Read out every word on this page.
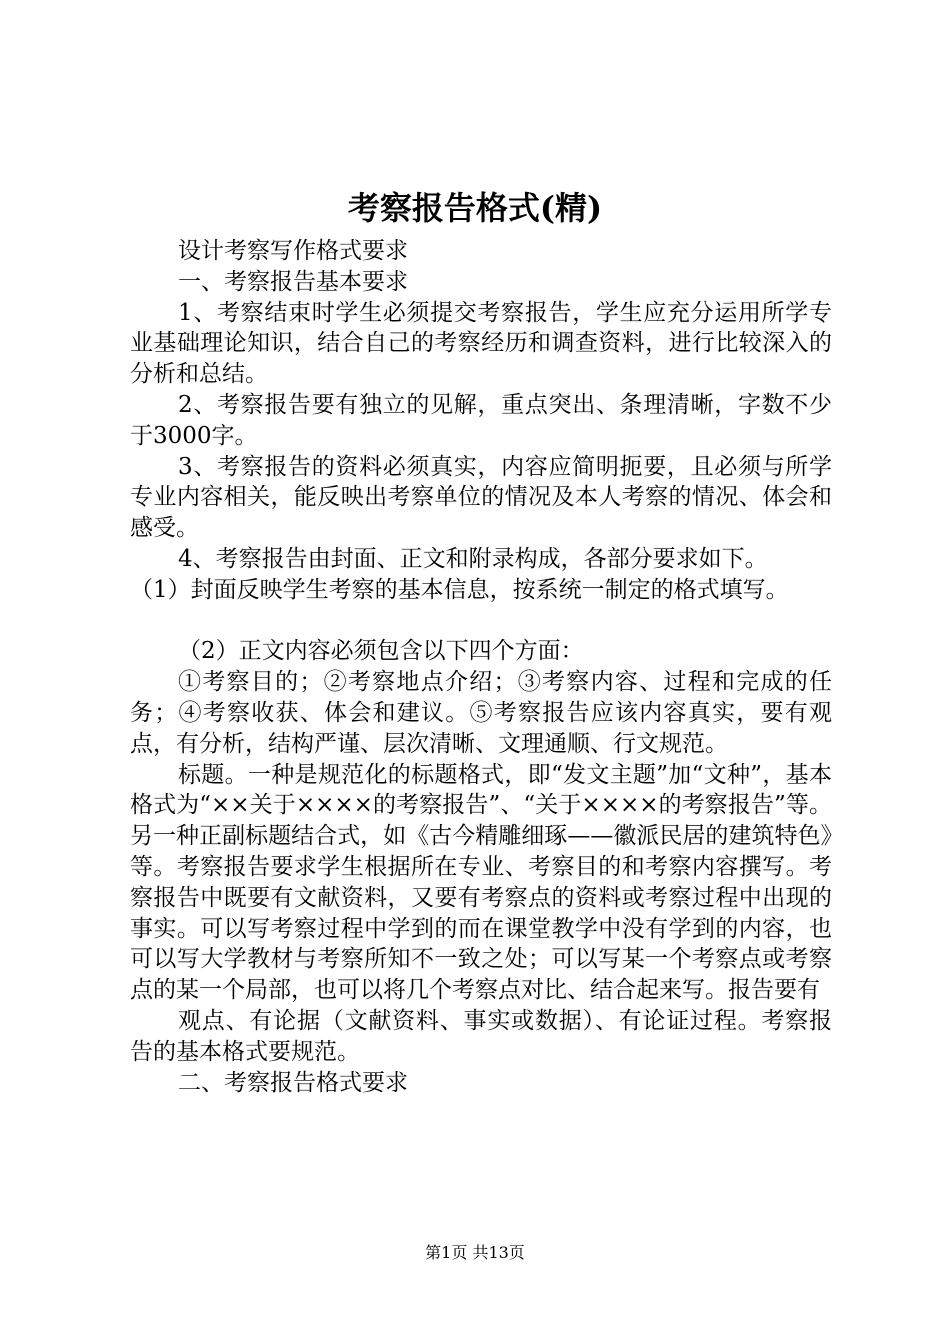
考察报告格式(精)

设计考察写作格式要求

一、考察报告基本要求

1、考察结束时学生必须提交考察报告，学生应充分运用所学专业基础理论知识，结合自己的考察经历和调查资料，进行比较深入的分析和总结。

2、考察报告要有独立的见解，重点突出、条理清晰，字数不少于3000字。

3、考察报告的资料必须真实，内容应简明扼要，且必须与所学专业内容相关，能反映出考察单位的情况及本人考察的情况、体会和感受。

4、考察报告由封面、正文和附录构成，各部分要求如下。

（1）封面反映学生考察的基本信息，按系统一制定的格式填写。

（2）正文内容必须包含以下四个方面：

①考察目的；②考察地点介绍；③考察内容、过程和完成的任务；④考察收获、体会和建议。⑤考察报告应该内容真实，要有观点，有分析，结构严谨、层次清晰、文理通顺、行文规范。

标题。一种是规范化的标题格式，即“发文主题”加“文种”，基本格式为“××关于××××的考察报告”、“关于××××的考察报告”等。另一种正副标题结合式，如《古今精雕细琢——徽派民居的建筑特色》等。考察报告要求学生根据所在专业、考察目的和考察内容撰写。考察报告中既要有文献资料，又要有考察点的资料或考察过程中出现的事实。可以写考察过程中学到的而在课堂教学中没有学到的内容，也可以写大学教材与考察所知不一致之处；可以写某一个考察点或考察点的某一个局部，也可以将几个考察点对比、结合起来写。报告要有

观点、有论据（文献资料、事实或数据）、有论证过程。考察报告的基本格式要规范。

二、考察报告格式要求

第1页 共13页
